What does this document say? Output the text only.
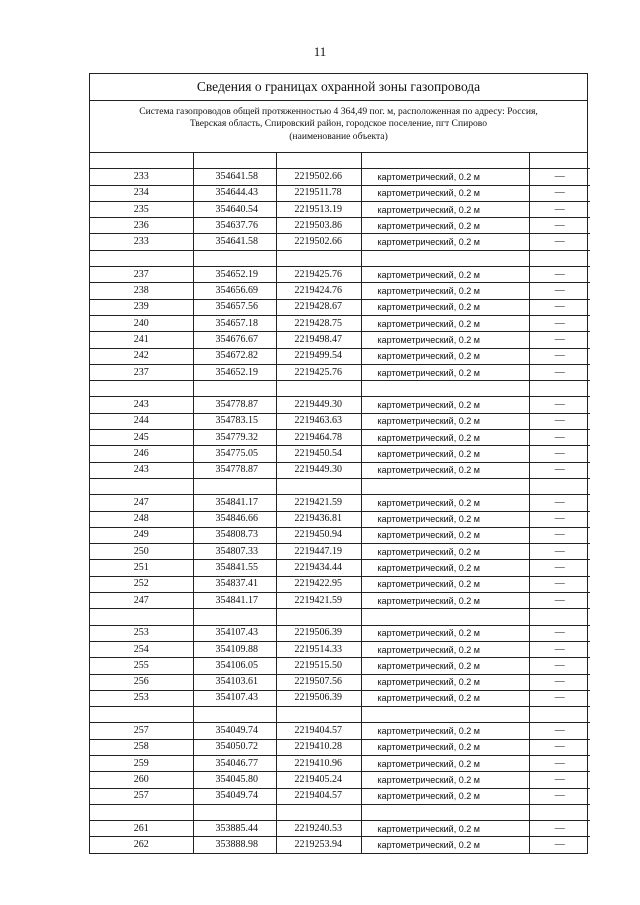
11
Сведения о границах охранной зоны газопровода
Система газопроводов общей протяженностью 4 364,49 пог. м, расположенная по адресу: Россия,
Тверская область, Спировский район, городское поселение, пгт Спирово
(наименование объекта)

233	354641.58	2219502.66	картометрический, 0.2 м	—
234	354644.43	2219511.78	картометрический, 0.2 м	—
235	354640.54	2219513.19	картометрический, 0.2 м	—
236	354637.76	2219503.86	картометрический, 0.2 м	—
233	354641.58	2219502.66	картометрический, 0.2 м	—

237	354652.19	2219425.76	картометрический, 0.2 м	—
238	354656.69	2219424.76	картометрический, 0.2 м	—
239	354657.56	2219428.67	картометрический, 0.2 м	—
240	354657.18	2219428.75	картометрический, 0.2 м	—
241	354676.67	2219498.47	картометрический, 0.2 м	—
242	354672.82	2219499.54	картометрический, 0.2 м	—
237	354652.19	2219425.76	картометрический, 0.2 м	—

243	354778.87	2219449.30	картометрический, 0.2 м	—
244	354783.15	2219463.63	картометрический, 0.2 м	—
245	354779.32	2219464.78	картометрический, 0.2 м	—
246	354775.05	2219450.54	картометрический, 0.2 м	—
243	354778.87	2219449.30	картометрический, 0.2 м	—

247	354841.17	2219421.59	картометрический, 0.2 м	—
248	354846.66	2219436.81	картометрический, 0.2 м	—
249	354808.73	2219450.94	картометрический, 0.2 м	—
250	354807.33	2219447.19	картометрический, 0.2 м	—
251	354841.55	2219434.44	картометрический, 0.2 м	—
252	354837.41	2219422.95	картометрический, 0.2 м	—
247	354841.17	2219421.59	картометрический, 0.2 м	—

253	354107.43	2219506.39	картометрический, 0.2 м	—
254	354109.88	2219514.33	картометрический, 0.2 м	—
255	354106.05	2219515.50	картометрический, 0.2 м	—
256	354103.61	2219507.56	картометрический, 0.2 м	—
253	354107.43	2219506.39	картометрический, 0.2 м	—

257	354049.74	2219404.57	картометрический, 0.2 м	—
258	354050.72	2219410.28	картометрический, 0.2 м	—
259	354046.77	2219410.96	картометрический, 0.2 м	—
260	354045.80	2219405.24	картометрический, 0.2 м	—
257	354049.74	2219404.57	картометрический, 0.2 м	—

261	353885.44	2219240.53	картометрический, 0.2 м	—
262	353888.98	2219253.94	картометрический, 0.2 м	—
